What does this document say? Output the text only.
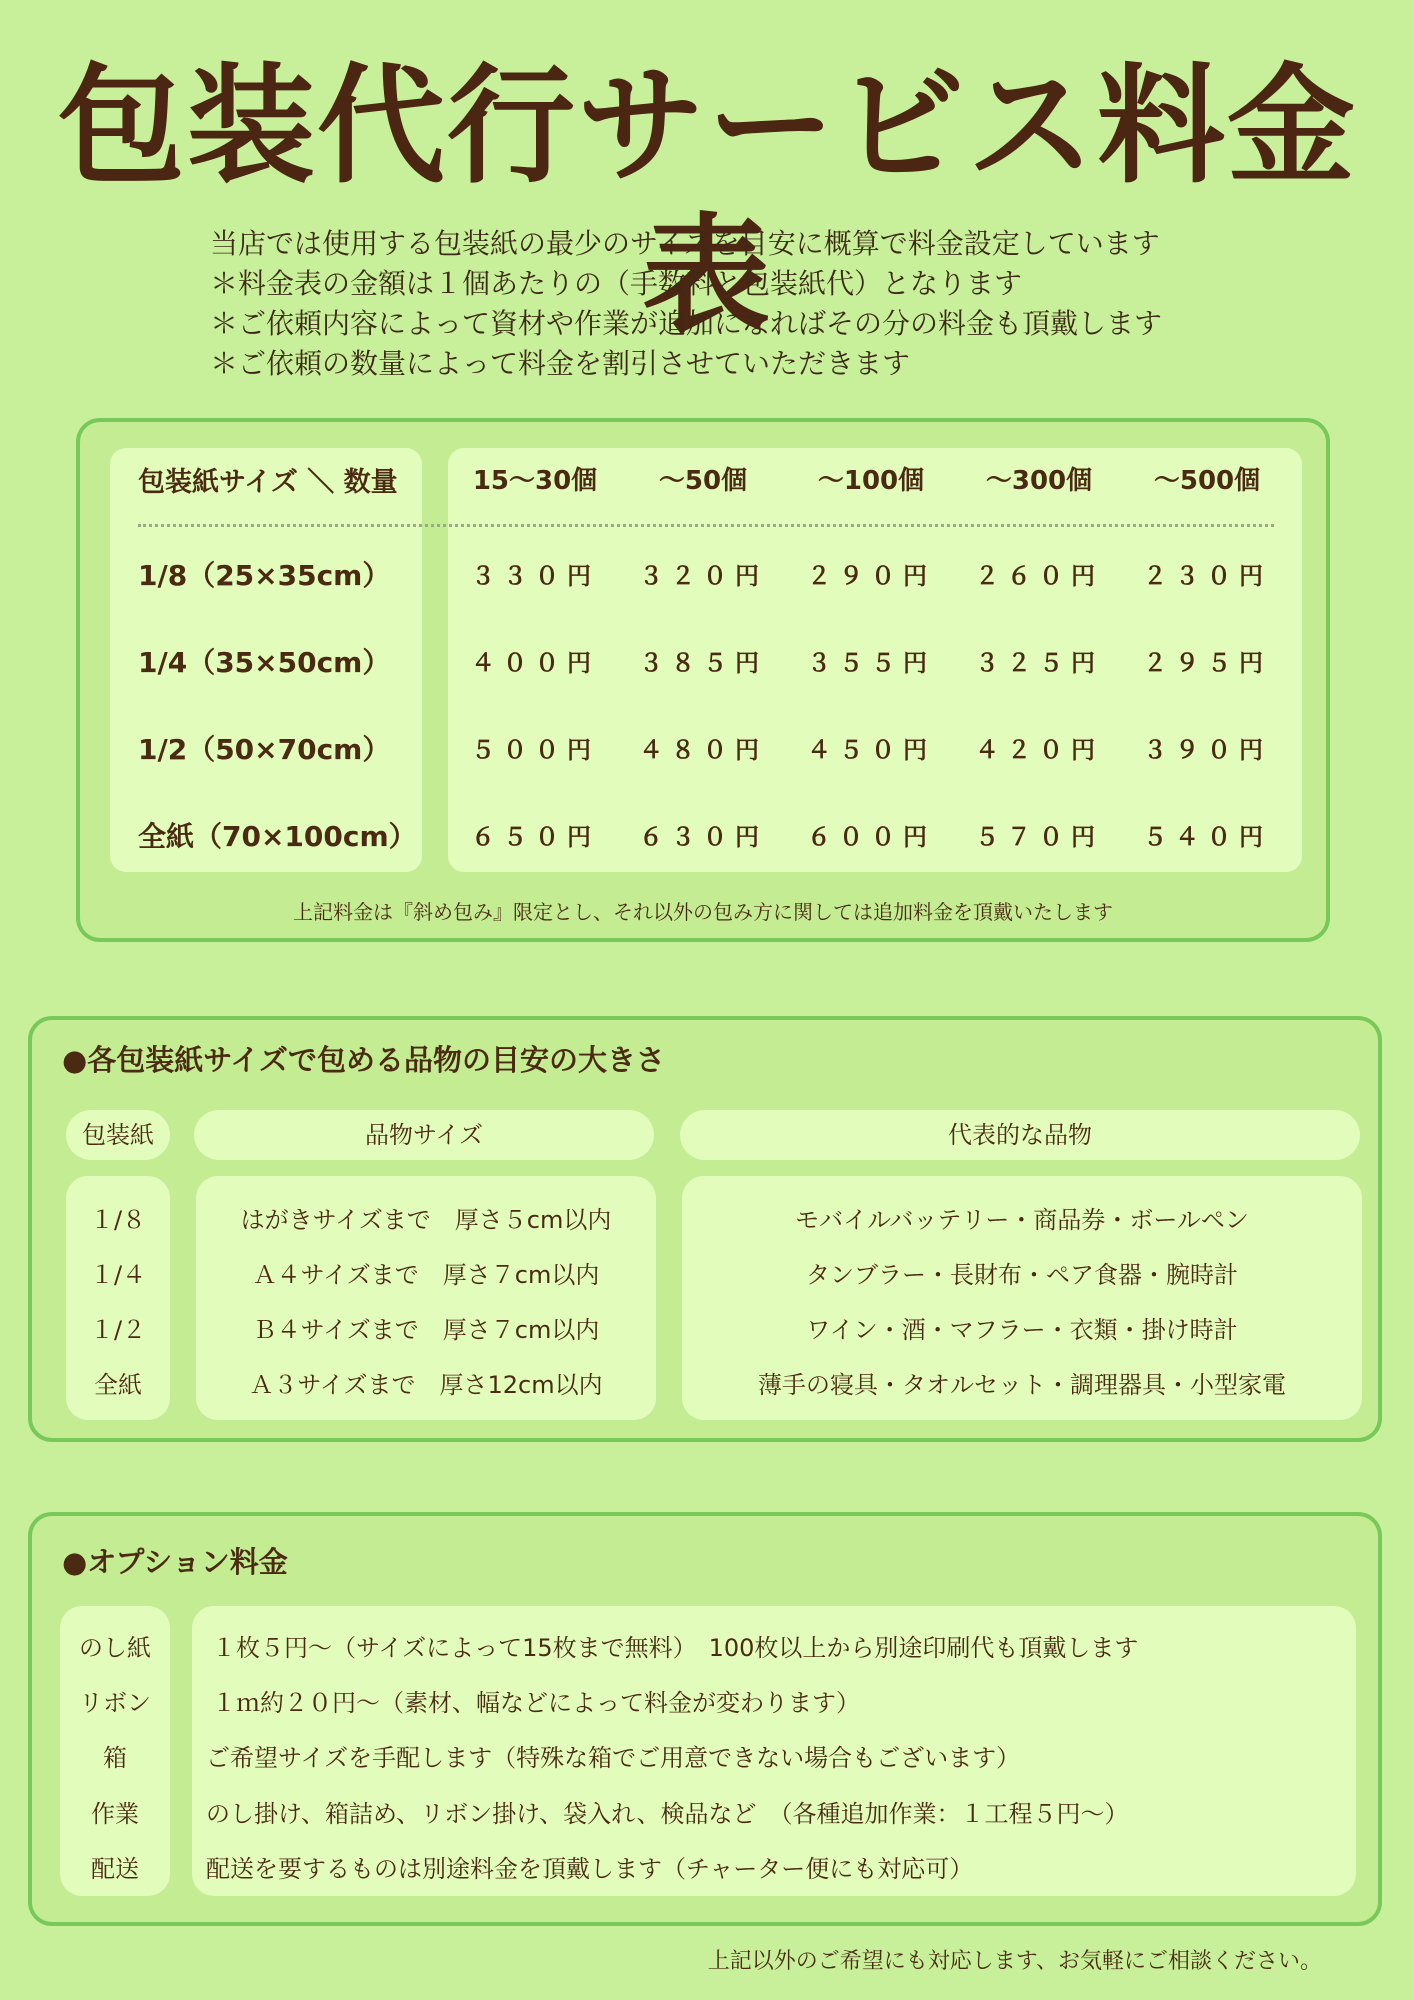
包装代行サービス料金表
当店では使用する包装紙の最少のサイズを目安に概算で料金設定しています
＊料金表の金額は１個あたりの（手数料と包装紙代）となります
＊ご依頼内容によって資材や作業が追加になればその分の料金も頂戴します
＊ご依頼の数量によって料金を割引させていただきます
包装紙サイズ ＼ 数量	15〜30個	〜50個	〜100個	〜300個	〜500個
1/8（25×35cm）	３３０円	３２０円	２９０円	２６０円	２３０円
1/4（35×50cm）	４００円	３８５円	３５５円	３２５円	２９５円
1/2（50×70cm）	５００円	４８０円	４５０円	４２０円	３９０円
全紙（70×100cm）	６５０円	６３０円	６００円	５７０円	５４０円
上記料金は『斜め包み』限定とし、それ以外の包み方に関しては追加料金を頂戴いたします
●各包装紙サイズで包める品物の目安の大きさ
包装紙	品物サイズ	代表的な品物
１/８	はがきサイズまで　厚さ５cm以内	モバイルバッテリー・商品券・ボールペン
１/４	Ａ４サイズまで　厚さ７cm以内	タンブラー・長財布・ペア食器・腕時計
１/２	Ｂ４サイズまで　厚さ７cm以内	ワイン・酒・マフラー・衣類・掛け時計
全紙	Ａ３サイズまで　厚さ12cm以内	薄手の寝具・タオルセット・調理器具・小型家電
●オプション料金
のし紙	１枚５円〜（サイズによって15枚まで無料）　100枚以上から別途印刷代も頂戴します
リボン	１ｍ約２０円〜（素材、幅などによって料金が変わります）
箱	ご希望サイズを手配します（特殊な箱でご用意できない場合もございます）
作業	のし掛け、箱詰め、リボン掛け、袋入れ、検品など　（各種追加作業：１工程５円〜）
配送	配送を要するものは別途料金を頂戴します（チャーター便にも対応可）
上記以外のご希望にも対応します、お気軽にご相談ください。
